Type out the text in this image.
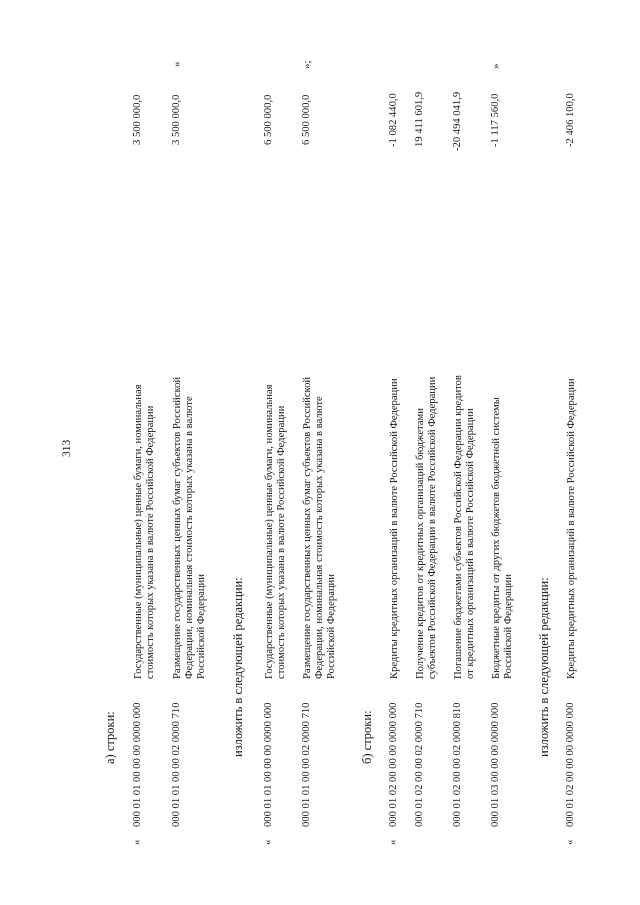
313
а) строки:
«
000 01 01 00 00 00 0000 000
Государственные (муниципальные) ценные бумаги, номинальная стоимость которых указана в валюте Российской Федерации
3 500 000,0
000 01 01 00 00 02 0000 710
Размещение государственных ценных бумаг субъектов Российской Федерации, номинальная стоимость которых указана в валюте Российской Федерации
3 500 000,0
»
изложить в следующей редакции:
«
000 01 01 00 00 00 0000 000
Государственные (муниципальные) ценные бумаги, номинальная стоимость которых указана в валюте Российской Федерации
6 500 000,0
000 01 01 00 00 02 0000 710
Размещение государственных ценных бумаг субъектов Российской Федерации, номинальная стоимость которых указана в валюте Российской Федерации
6 500 000,0
»;
б) строки:
«
000 01 02 00 00 00 0000 000
Кредиты кредитных организаций в валюте Российской Федерации
-1 082 440,0
000 01 02 00 00 02 0000 710
Получение кредитов от кредитных организаций бюджетами субъектов Российской Федерации в валюте Российской Федерации
19 411 601,9
000 01 02 00 00 02 0000 810
Погашение бюджетами субъектов Российской Федерации кредитов от кредитных организаций в валюте Российской Федерации
-20 494 041,9
000 01 03 00 00 00 0000 000
Бюджетные кредиты от других бюджетов бюджетной системы Российской Федерации
-1 117 560,0
»
изложить в следующей редакции:
«
000 01 02 00 00 00 0000 000
Кредиты кредитных организаций в валюте Российской Федерации
-2 406 100,0
